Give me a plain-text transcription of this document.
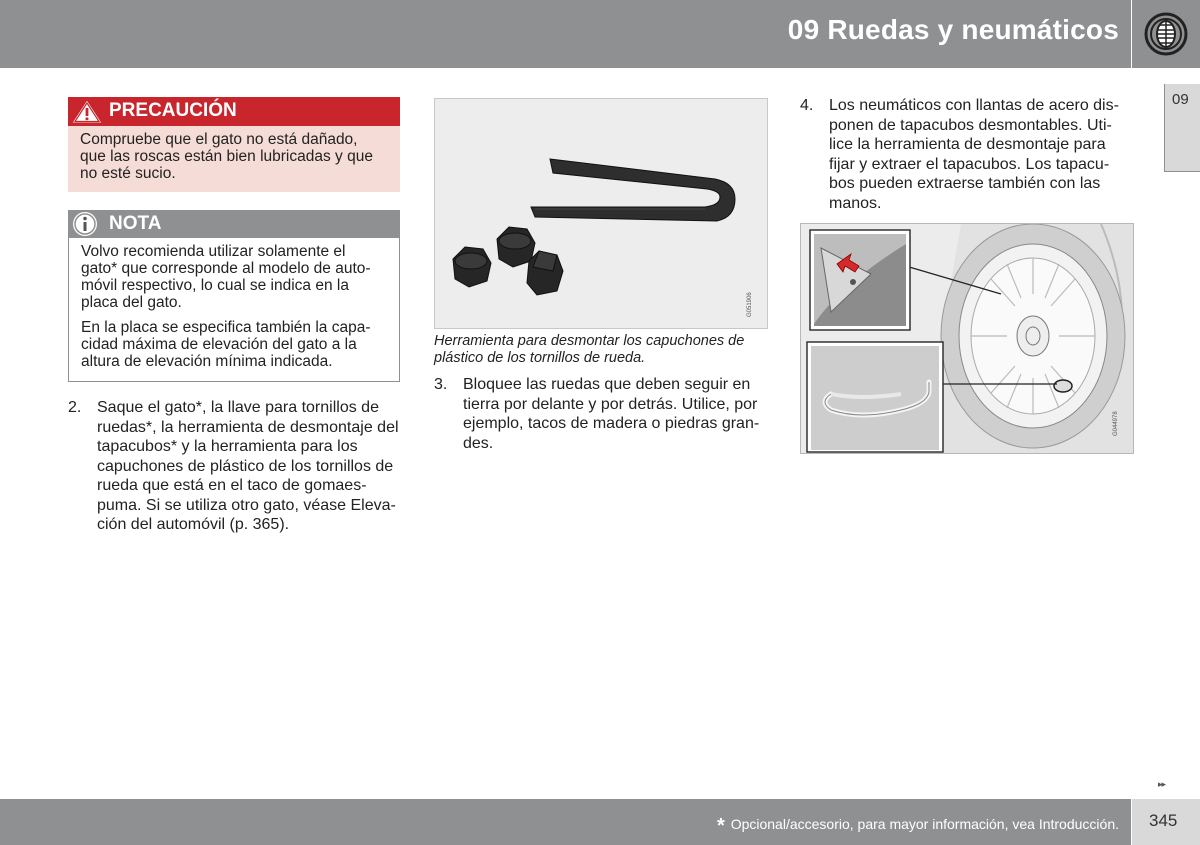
09 Ruedas y neumáticos
09
PRECAUCIÓN
Compruebe que el gato no está dañado,
que las roscas están bien lubricadas y que
no esté sucio.
NOTA

Volvo recomienda utilizar solamente el
gato* que corresponde al modelo de auto-
móvil respectivo, lo cual se indica en la
placa del gato.

En la placa se especifica también la capa-
cidad máxima de elevación del gato a la
altura de elevación mínima indicada.

2. Saque el gato*, la llave para tornillos de
ruedas*, la herramienta de desmontaje del
tapacubos* y la herramienta para los
capuchones de plástico de los tornillos de
rueda que está en el taco de gomaes-
puma. Si se utiliza otro gato, véase Eleva-
ción del automóvil (p. 365).
G051906
Herramienta para desmontar los capuchones de
plástico de los tornillos de rueda.
3. Bloquee las ruedas que deben seguir en
tierra por delante y por detrás. Utilice, por
ejemplo, tacos de madera o piedras gran-
des.
4. Los neumáticos con llantas de acero dis-
ponen de tapacubos desmontables. Uti-
lice la herramienta de desmontaje para
fijar y extraer el tapacubos. Los tapacu-
bos pueden extraerse también con las
manos.
G044978
▸▸
* Opcional/accesorio, para mayor información, vea Introducción. 345
